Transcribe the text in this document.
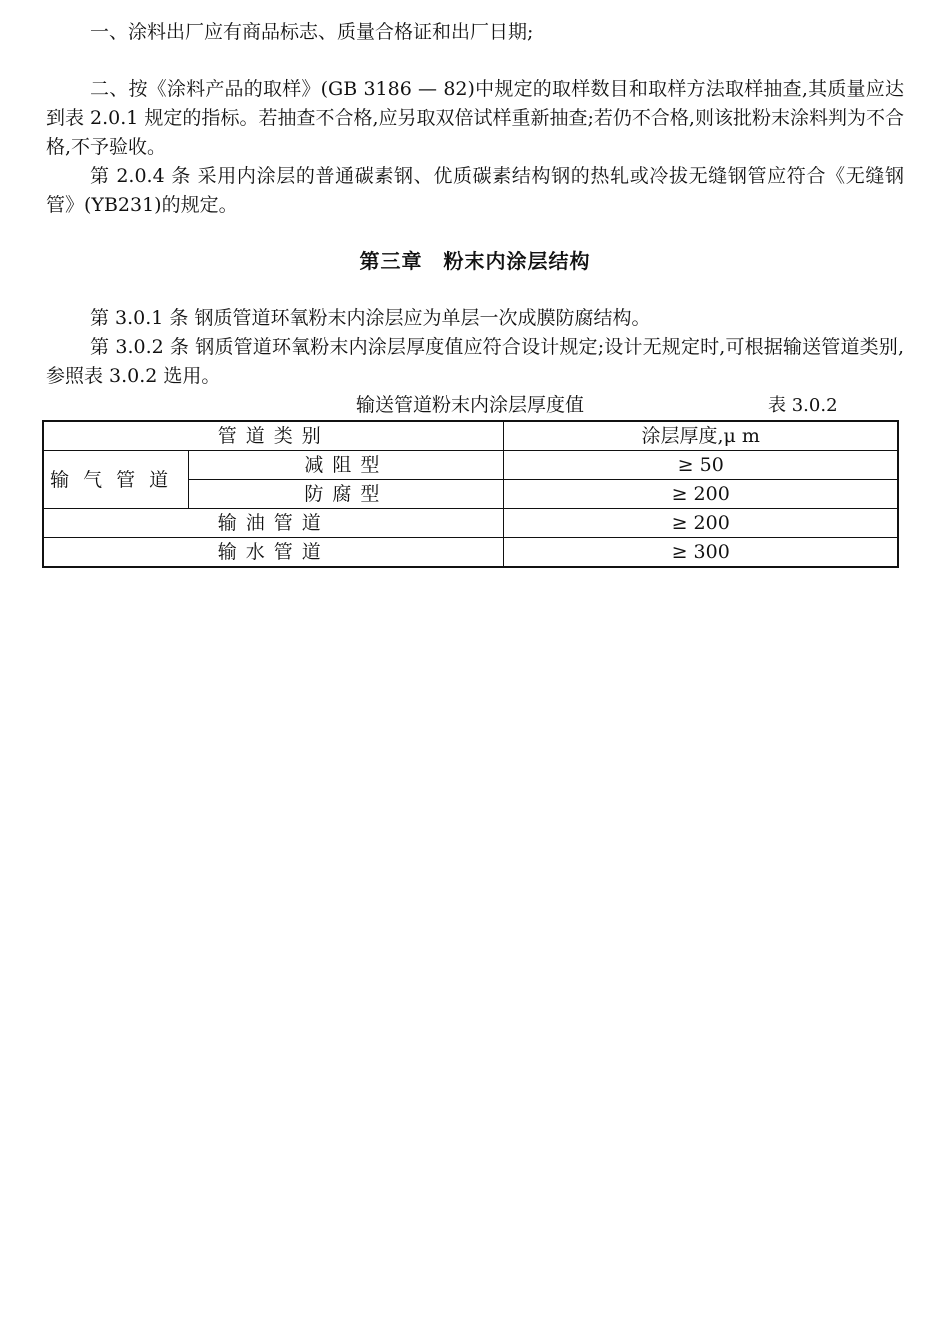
一、涂料出厂应有商品标志、质量合格证和出厂日期;

二、按《涂料产品的取样》(GB 3186 — 82)中规定的取样数目和取样方法取样抽查,其质量应达到表 2.0.1 规定的指标。若抽查不合格,应另取双倍试样重新抽查;若仍不合格,则该批粉末涂料判为不合格,不予验收。

第 2.0.4 条 采用内涂层的普通碳素钢、优质碳素结构钢的热轧或冷拔无缝钢管应符合《无缝钢管》(YB231)的规定。

第三章　粉末内涂层结构

第 3.0.1 条 钢质管道环氧粉末内涂层应为单层一次成膜防腐结构。

第 3.0.2 条 钢质管道环氧粉末内涂层厚度值应符合设计规定;设计无规定时,可根据输送管道类别,参照表 3.0.2 选用。

输送管道粉末内涂层厚度值	表 3.0.2
管道类别		涂层厚度,μ m
输气管道	减阻型	≥ 50
	防腐型	≥ 200
输油管道		≥ 200
输水管道		≥ 300
